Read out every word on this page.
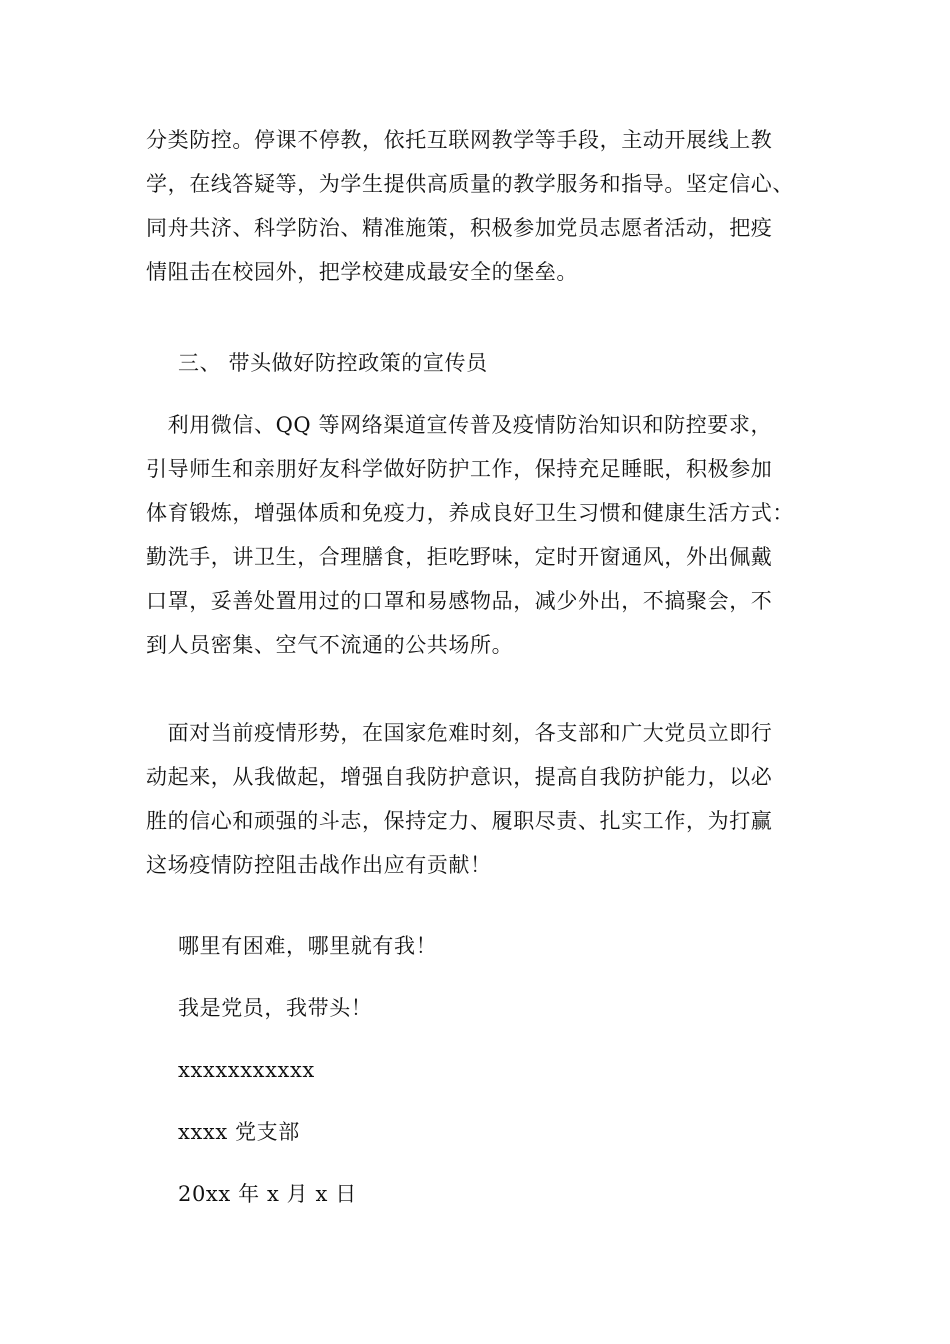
分类防控。停课不停教，依托互联网教学等手段，主动开展线上教
学，在线答疑等，为学生提供高质量的教学服务和指导。坚定信心、
同舟共济、科学防治、精准施策，积极参加党员志愿者活动，把疫
情阻击在校园外，把学校建成最安全的堡垒。

三、 带头做好防控政策的宣传员

　利用微信、QQ 等网络渠道宣传普及疫情防治知识和防控要求，
引导师生和亲朋好友科学做好防护工作，保持充足睡眠，积极参加
体育锻炼，增强体质和免疫力，养成良好卫生习惯和健康生活方式：
勤洗手，讲卫生，合理膳食，拒吃野味，定时开窗通风，外出佩戴
口罩，妥善处置用过的口罩和易感物品，减少外出，不搞聚会，不
到人员密集、空气不流通的公共场所。
　面对当前疫情形势，在国家危难时刻，各支部和广大党员立即行
动起来，从我做起，增强自我防护意识，提高自我防护能力，以必
胜的信心和顽强的斗志，保持定力、履职尽责、扎实工作，为打赢
这场疫情防控阻击战作出应有贡献！

哪里有困难，哪里就有我！

我是党员，我带头！

xxxxxxxxxxx

xxxx 党支部

20xx 年 x 月 x 日
